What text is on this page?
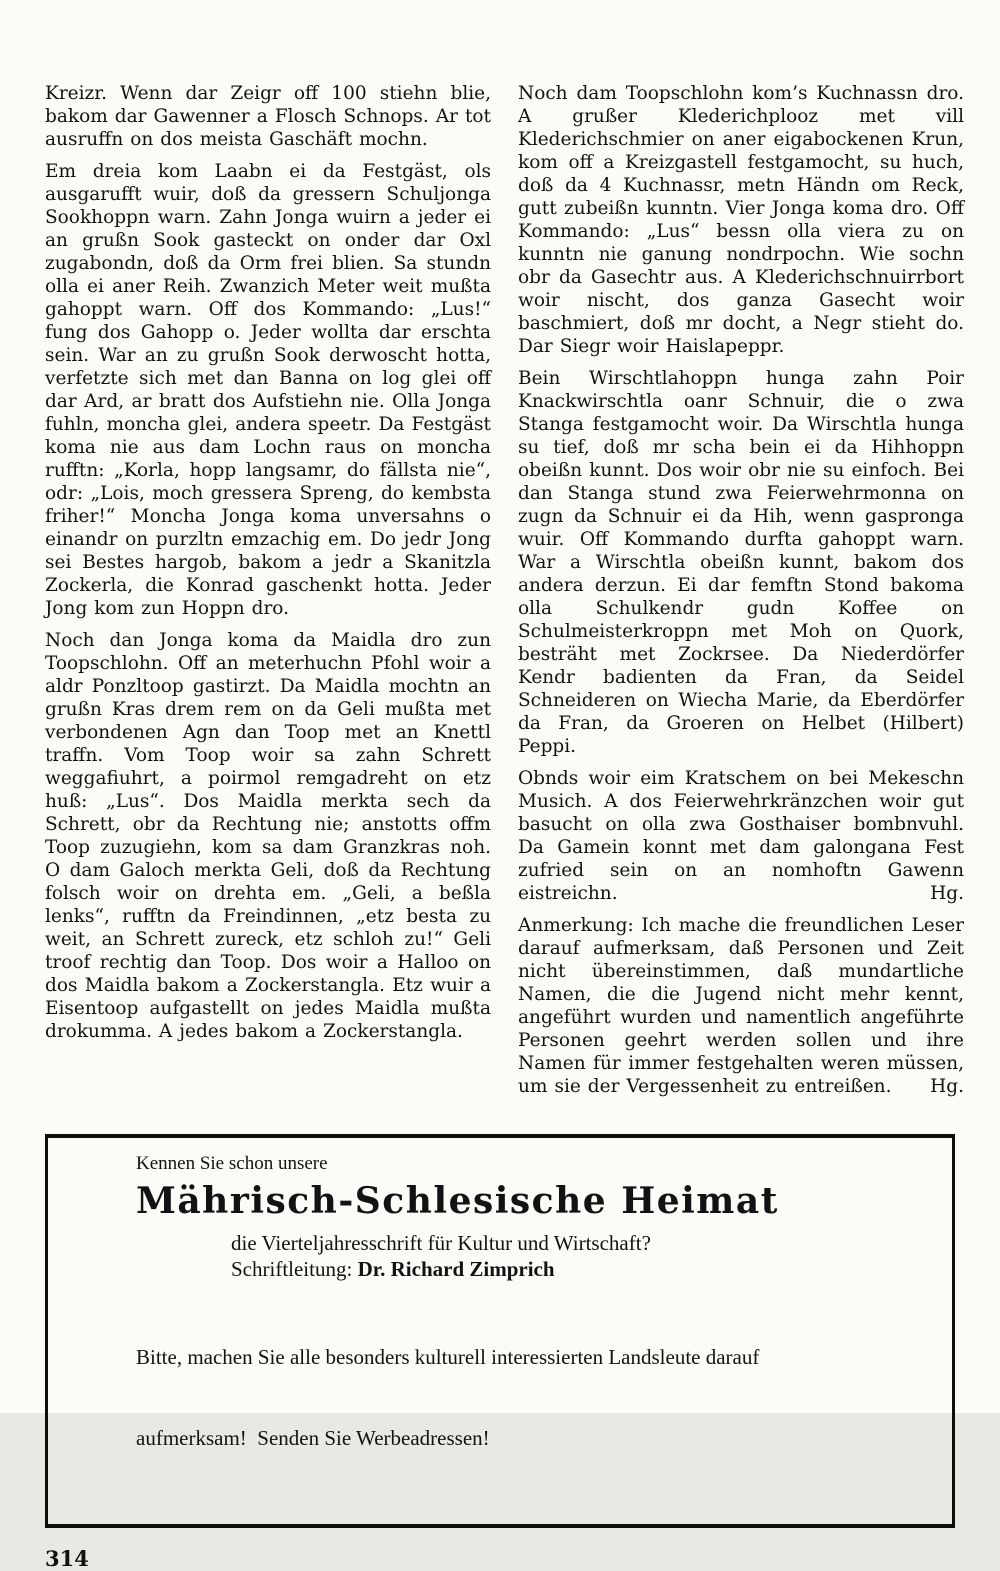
Kreizr. Wenn dar Zeigr off 100 stiehn blie, bakom dar Gawenner a Flosch Schnops. Ar tot ausruffn on dos meista Gaschäft mochn.

Em dreia kom Laabn ei da Festgäst, ols ausgarufft wuir, doß da gressern Schuljonga Sookhoppn warn. Zahn Jonga wuirn a jeder ei an grußn Sook gasteckt on onder dar Oxl zugabondn, doß da Orm frei blien. Sa stundn olla ei aner Reih. Zwanzich Meter weit mußta gahoppt warn. Off dos Kommando: „Lus!“ fung dos Gahopp o. Jeder wollta dar erschta sein. War an zu grußn Sook derwoscht hotta, verfetzte sich met dan Banna on log glei off dar Ard, ar bratt dos Aufstiehn nie. Olla Jonga fuhln, moncha glei, andera speetr. Da Festgäst koma nie aus dam Lochn raus on moncha rufftn: „Korla, hopp langsamr, do fällsta nie“, odr: „Lois, moch gressera Spreng, do kembsta friher!“ Moncha Jonga koma unversahns o einandr on purzltn emzachig em. Do jedr Jong sei Bestes hargob, bakom a jedr a Skanitzla Zockerla, die Konrad gaschenkt hotta. Jeder Jong kom zun Hoppn dro.

Noch dan Jonga koma da Maidla dro zun Toopschlohn. Off an meterhuchn Pfohl woir a aldr Ponzltoop gastirzt. Da Maidla mochtn an grußn Kras drem rem on da Geli mußta met verbondenen Agn dan Toop met an Knettl traffn. Vom Toop woir sa zahn Schrett weggafiuhrt, a poirmol remgadreht on etz huß: „Lus“. Dos Maidla merkta sech da Schrett, obr da Rechtung nie; anstotts offm Toop zuzugiehn, kom sa dam Granzkras noh. O dam Galoch merkta Geli, doß da Rechtung folsch woir on drehta em. „Geli, a beßla lenks“, rufftn da Freindinnen, „etz besta zu weit, an Schrett zureck, etz schloh zu!“ Geli troof rechtig dan Toop. Dos woir a Halloo on dos Maidla bakom a Zockerstangla. Etz wuir a Eisentoop aufgastellt on jedes Maidla mußta drokumma. A jedes bakom a Zockerstangla.

Noch dam Toopschlohn kom’s Kuchnassn dro. A grußer Klederichplooz met vill Klederichschmier on aner eigabockenen Krun, kom off a Kreizgastell festgamocht, su huch, doß da 4 Kuchnassr, metn Händn om Reck, gutt zubeißn kunntn. Vier Jonga koma dro. Off Kommando: „Lus“ bessn olla viera zu on kunntn nie ganung nondrpochn. Wie sochn obr da Gasechtr aus. A Klederichschnuirrbort woir nischt, dos ganza Gasecht woir baschmiert, doß mr docht, a Negr stieht do. Dar Siegr woir Haislapeppr.

Bein Wirschtlahoppn hunga zahn Poir Knackwirschtla oanr Schnuir, die o zwa Stanga festgamocht woir. Da Wirschtla hunga su tief, doß mr scha bein ei da Hihhoppn obeißn kunnt. Dos woir obr nie su einfoch. Bei dan Stanga stund zwa Feierwehrmonna on zugn da Schnuir ei da Hih, wenn gaspronga wuir. Off Kommando durfta gahoppt warn. War a Wirschtla obeißn kunnt, bakom dos andera derzun. Ei dar femftn Stond bakoma olla Schulkendr gudn Koffee on Schulmeisterkroppn met Moh on Quork, besträht met Zockrsee. Da Niederdörfer Kendr badienten da Fran, da Seidel Schneideren on Wiecha Marie, da Eberdörfer da Fran, da Groeren on Helbet (Hilbert) Peppi.

Obnds woir eim Kratschem on bei Mekeschn Musich. A dos Feierwehrkränzchen woir gut basucht on olla zwa Gosthaiser bombnvuhl. Da Gamein konnt met dam galongana Fest zufried sein on an nomhoftn Gawenn eistreichn.	Hg.

Anmerkung: Ich mache die freundlichen Leser darauf aufmerksam, daß Personen und Zeit nicht übereinstimmen, daß mundartliche Namen, die die Jugend nicht mehr kennt, angeführt wurden und namentlich angeführte Personen geehrt werden sollen und ihre Namen für immer festgehalten weren müssen, um sie der Vergessenheit zu entreißen.	Hg.

Kennen Sie schon unsere
Mährisch-Schlesische Heimat
die Vierteljahresschrift für Kultur und Wirtschaft?
Schriftleitung: Dr. Richard Zimprich

Bitte, machen Sie alle besonders kulturell interessierten Landsleute darauf

aufmerksam!  Senden Sie Werbeadressen!

314
